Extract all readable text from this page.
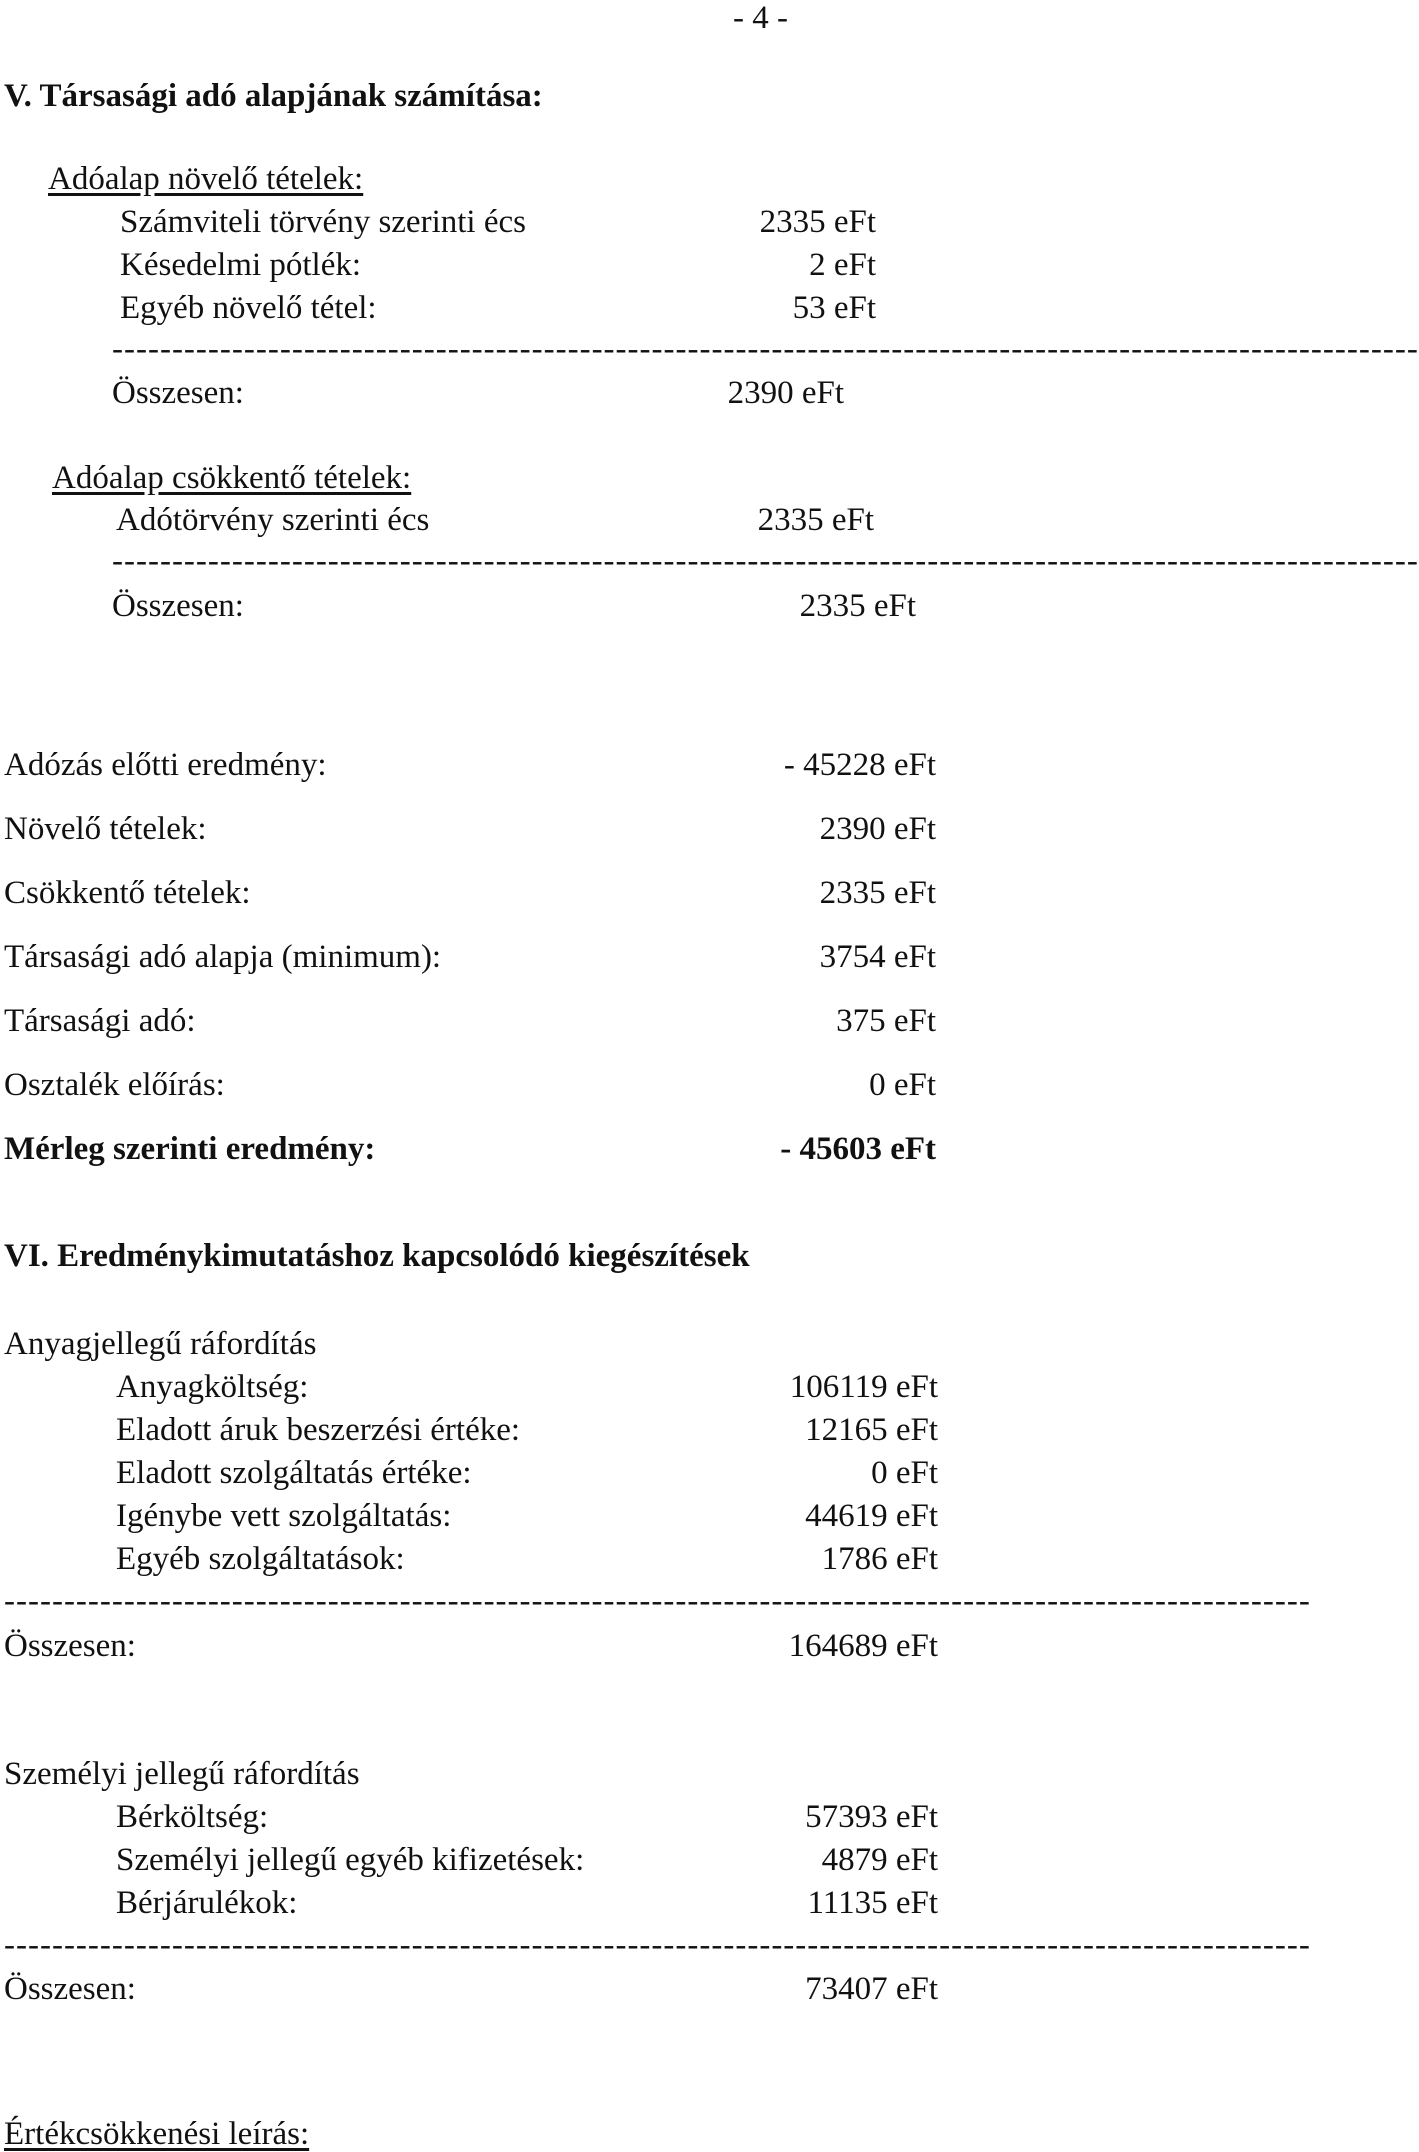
- 4 -
V. Társasági adó alapjának számítása:
Adóalap növelő tételek:
Számviteli törvény szerinti écs	2335 eFt
Késedelmi pótlék:	2 eFt
Egyéb növelő tétel:	53 eFt
-------------------------------------------------------------------------------------------------------------
Összesen:	2390 eFt
Adóalap csökkentő tételek:
Adótörvény szerinti écs	2335 eFt
-------------------------------------------------------------------------------------------------------------
Összesen:	2335 eFt
Adózás előtti eredmény:	- 45228 eFt
Növelő tételek:	2390 eFt
Csökkentő tételek:	2335 eFt
Társasági adó alapja (minimum):	3754 eFt
Társasági adó:	375 eFt
Osztalék előírás:	0 eFt
Mérleg szerinti eredmény:	- 45603 eFt
VI. Eredménykimutatáshoz kapcsolódó kiegészítések
Anyagjellegű ráfordítás
Anyagköltség:	106119 eFt
Eladott áruk beszerzési értéke:	12165 eFt
Eladott szolgáltatás értéke:	0 eFt
Igénybe vett szolgáltatás:	44619 eFt
Egyéb szolgáltatások:	1786 eFt
-------------------------------------------------------------------------------------------------------------
Összesen:	164689 eFt
Személyi jellegű ráfordítás
Bérköltség:	57393 eFt
Személyi jellegű egyéb kifizetések:	4879 eFt
Bérjárulékok:	11135 eFt
-------------------------------------------------------------------------------------------------------------
Összesen:	73407 eFt
Értékcsökkenési leírás:
